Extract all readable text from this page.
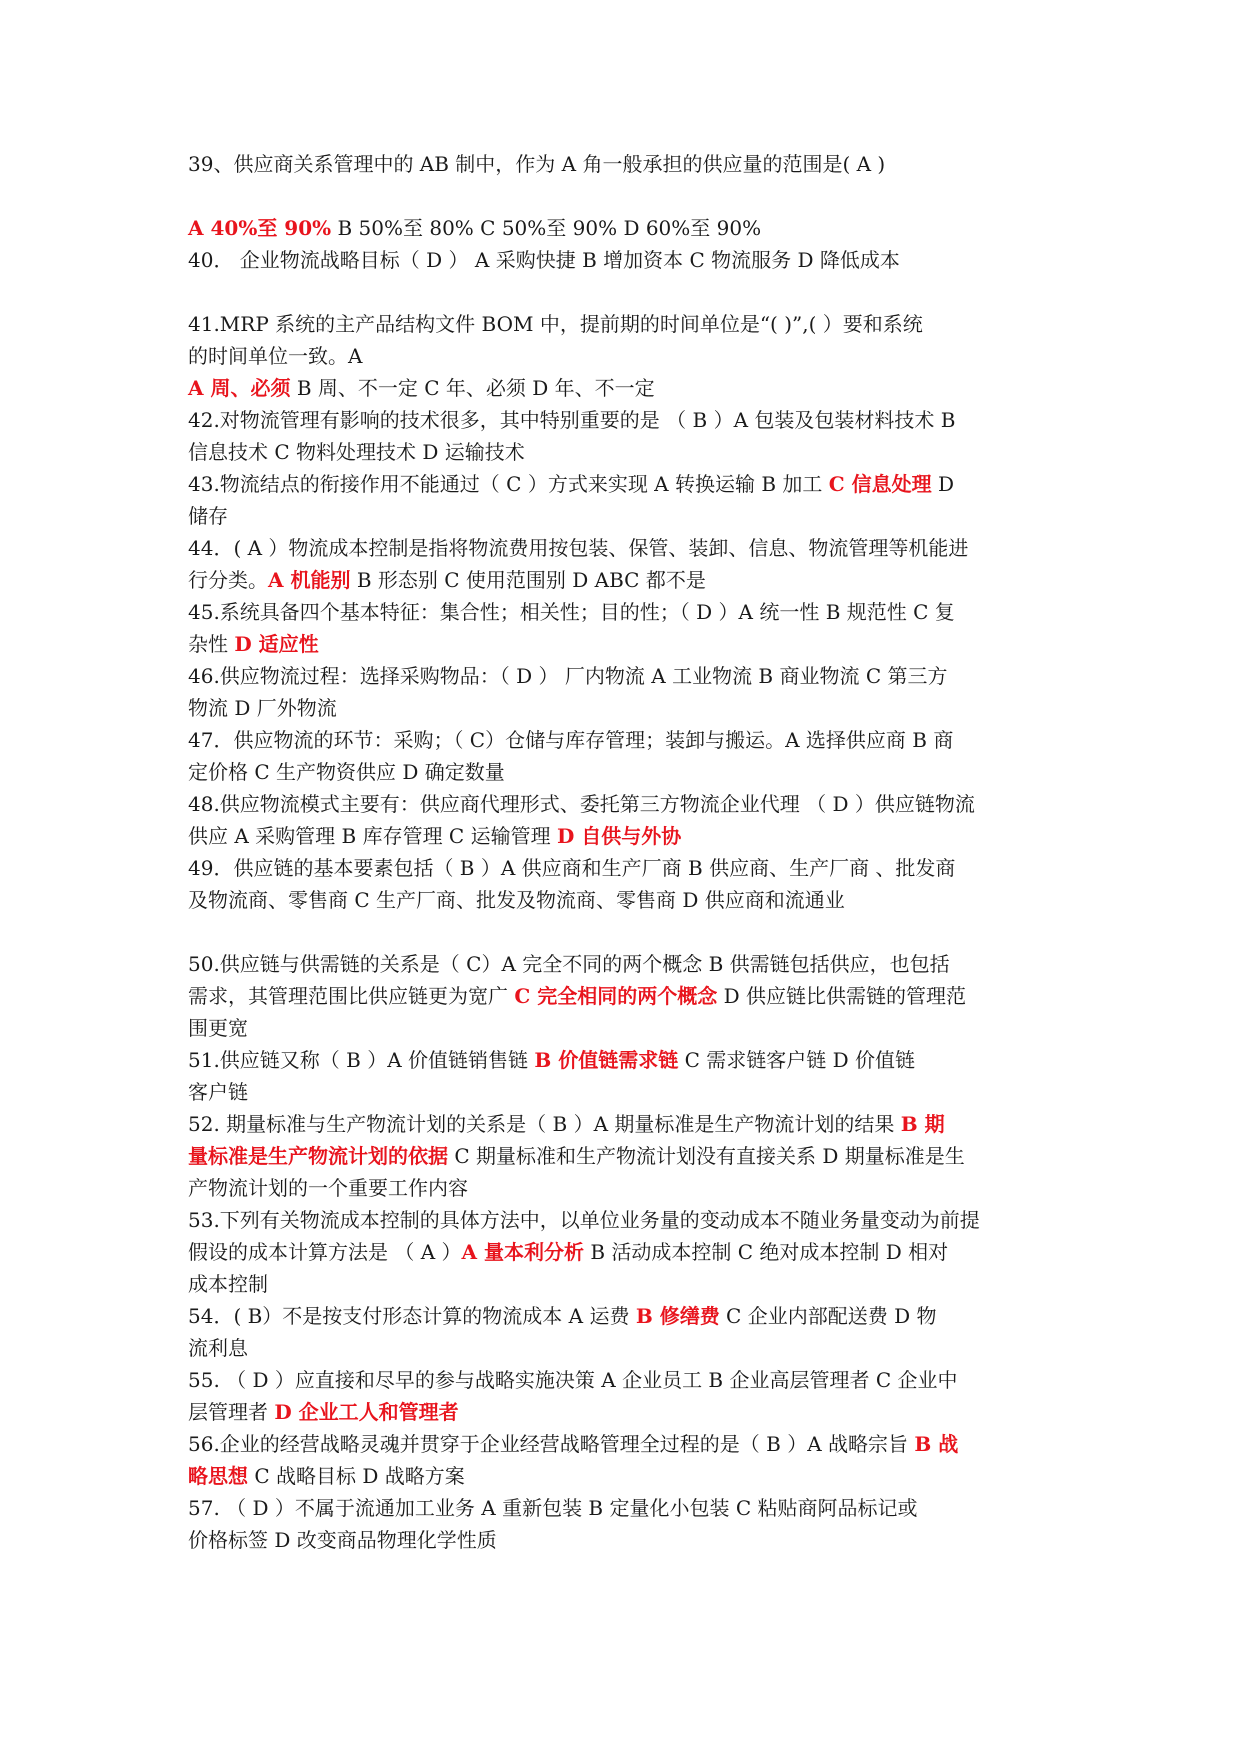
39、供应商关系管理中的 AB 制中，作为 A 角一般承担的供应量的范围是( A )
A 40%至 90% B 50%至 80% C 50%至 90% D 60%至 90%
40． 企业物流战略目标（ D ） A 采购快捷 B 增加资本 C 物流服务 D 降低成本
41.MRP 系统的主产品结构文件 BOM 中，提前期的时间单位是“( )”,( ）要和系统
的时间单位一致。A
A 周、必须 B 周、不一定 C 年、必须 D 年、不一定
42.对物流管理有影响的技术很多，其中特别重要的是 （ B ）A 包装及包装材料技术 B
信息技术 C 物料处理技术 D 运输技术
43.物流结点的衔接作用不能通过（ C ）方式来实现 A 转换运输 B 加工 C 信息处理 D
储存
44．( A ）物流成本控制是指将物流费用按包装、保管、装卸、信息、物流管理等机能进
行分类。A 机能别 B 形态别 C 使用范围别 D ABC 都不是
45.系统具备四个基本特征：集合性；相关性；目的性；（ D ）A 统一性 B 规范性 C 复
杂性 D 适应性
46.供应物流过程：选择采购物品：（ D ） 厂内物流 A 工业物流 B 商业物流 C 第三方
物流 D 厂外物流
47．供应物流的环节：采购；（ C）仓储与库存管理；装卸与搬运。A 选择供应商 B 商
定价格 C 生产物资供应 D 确定数量
48.供应物流模式主要有：供应商代理形式、委托第三方物流企业代理 （ D ）供应链物流
供应 A 采购管理 B 库存管理 C 运输管理 D 自供与外协
49．供应链的基本要素包括（ B ）A 供应商和生产厂商 B 供应商、生产厂商 、批发商
及物流商、零售商 C 生产厂商、批发及物流商、零售商 D 供应商和流通业
50.供应链与供需链的关系是（ C）A 完全不同的两个概念 B 供需链包括供应，也包括
需求，其管理范围比供应链更为宽广 C 完全相同的两个概念 D 供应链比供需链的管理范
围更宽
51.供应链又称（ B ）A 价值链销售链 B 价值链需求链 C 需求链客户链 D 价值链
客户链
52. 期量标准与生产物流计划的关系是（ B ）A 期量标准是生产物流计划的结果 B 期
量标准是生产物流计划的依据 C 期量标准和生产物流计划没有直接关系 D 期量标准是生
产物流计划的一个重要工作内容
53.下列有关物流成本控制的具体方法中，以单位业务量的变动成本不随业务量变动为前提
假设的成本计算方法是 （ A ）A 量本利分析 B 活动成本控制 C 绝对成本控制 D 相对
成本控制
54．( B）不是按支付形态计算的物流成本 A 运费 B 修缮费 C 企业内部配送费 D 物
流利息
55. （ D ）应直接和尽早的参与战略实施决策 A 企业员工 B 企业高层管理者 C 企业中
层管理者 D 企业工人和管理者
56.企业的经营战略灵魂并贯穿于企业经营战略管理全过程的是（ B ）A 战略宗旨 B 战
略思想 C 战略目标 D 战略方案
57. （ D ）不属于流通加工业务 A 重新包装 B 定量化小包装 C 粘贴商阿品标记或
价格标签 D 改变商品物理化学性质
